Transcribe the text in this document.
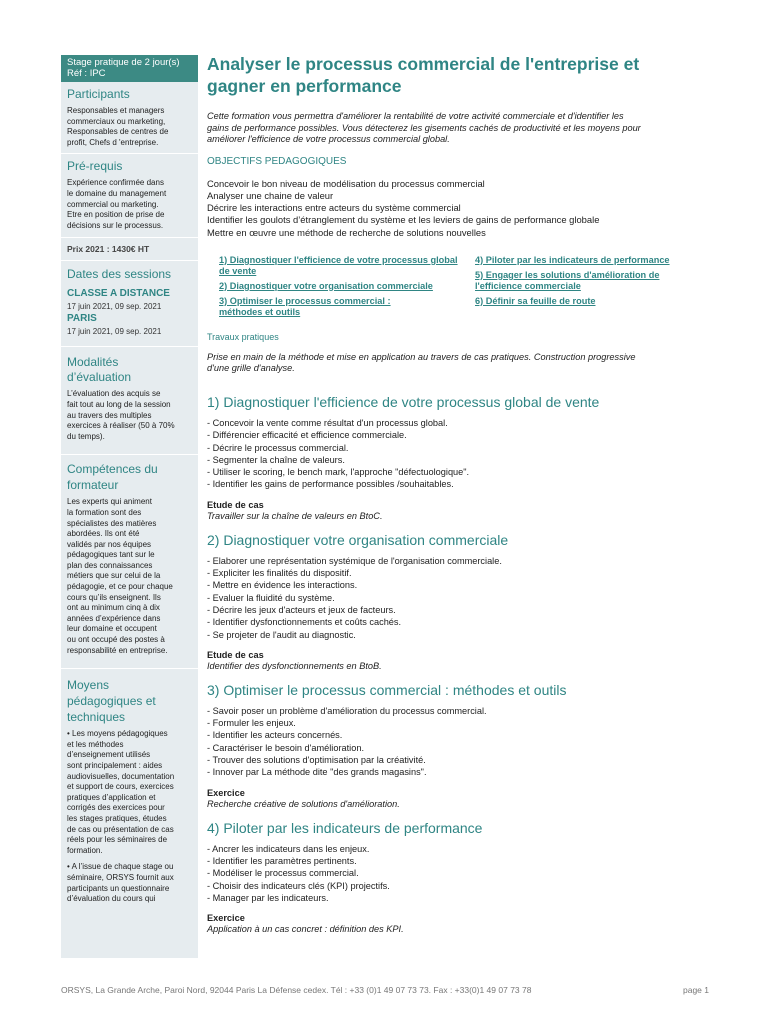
Stage pratique de 2 jour(s)
Réf : IPC
Participants
Responsables et managers
commerciaux ou marketing,
Responsables de centres de
profit, Chefs d 'entreprise.
Pré-requis
Expérience confirmée dans
le domaine du management
commercial ou marketing.
Etre en position de prise de
décisions sur le processus.
Prix 2021 : 1430€ HT
Dates des sessions
CLASSE A DISTANCE
17 juin 2021, 09 sep. 2021
PARIS
17 juin 2021, 09 sep. 2021
Modalités
d’évaluation
L’évaluation des acquis se
fait tout au long de la session
au travers des multiples
exercices à réaliser (50 à 70%
du temps).
Compétences du
formateur
Les experts qui animent
la formation sont des
spécialistes des matières
abordées. Ils ont été
validés par nos équipes
pédagogiques tant sur le
plan des connaissances
métiers que sur celui de la
pédagogie, et ce pour chaque
cours qu’ils enseignent. Ils
ont au minimum cinq à dix
années d’expérience dans
leur domaine et occupent
ou ont occupé des postes à
responsabilité en entreprise.
Moyens
pédagogiques et
techniques
• Les moyens pédagogiques
et les méthodes
d’enseignement utilisés
sont principalement : aides
audiovisuelles, documentation
et support de cours, exercices
pratiques d’application et
corrigés des exercices pour
les stages pratiques, études
de cas ou présentation de cas
réels pour les séminaires de
formation.
• A l’issue de chaque stage ou
séminaire, ORSYS fournit aux
participants un questionnaire
d’évaluation du cours qui
Analyser le processus commercial de l'entreprise et
gagner en performance
Cette formation vous permettra d'améliorer la rentabilité de votre activité commerciale et d'identifier les
gains de performance possibles. Vous détecterez les gisements cachés de productivité et les moyens pour
améliorer l'efficience de votre processus commercial global.
OBJECTIFS PEDAGOGIQUES
Concevoir le bon niveau de modélisation du processus commercial
Analyser une chaine de valeur
Décrire les interactions entre acteurs du système commercial
Identifier les goulots d’étranglement du système et les leviers de gains de performance globale
Mettre en œuvre une méthode de recherche de solutions nouvelles
1) Diagnostiquer l'efficience de votre processus global de vente
2) Diagnostiquer votre organisation commerciale
3) Optimiser le processus commercial : méthodes et outils
4) Piloter par les indicateurs de performance
5) Engager les solutions d'amélioration de l'efficience commerciale
6) Définir sa feuille de route
Travaux pratiques
Prise en main de la méthode et mise en application au travers de cas pratiques. Construction progressive
d'une grille d'analyse.
1) Diagnostiquer l'efficience de votre processus global de vente
- Concevoir la vente comme résultat d'un processus global.
- Différencier efficacité et efficience commerciale.
- Décrire le processus commercial.
- Segmenter la chaîne de valeurs.
- Utiliser le scoring, le bench mark, l'approche "défectuologique".
- Identifier les gains de performance possibles /souhaitables.
Etude de cas
Travailler sur la chaîne de valeurs en BtoC.
2) Diagnostiquer votre organisation commerciale
- Elaborer une représentation systémique de l'organisation commerciale.
- Expliciter les finalités du dispositif.
- Mettre en évidence les interactions.
- Evaluer la fluidité du système.
- Décrire les jeux d'acteurs et jeux de facteurs.
- Identifier dysfonctionnements et coûts cachés.
- Se projeter de l'audit au diagnostic.
Etude de cas
Identifier des dysfonctionnements en BtoB.
3) Optimiser le processus commercial : méthodes et outils
- Savoir poser un problème d'amélioration du processus commercial.
- Formuler les enjeux.
- Identifier les acteurs concernés.
- Caractériser le besoin d'amélioration.
- Trouver des solutions d'optimisation par la créativité.
- Innover par La méthode dite "des grands magasins".
Exercice
Recherche créative de solutions d'amélioration.
4) Piloter par les indicateurs de performance
- Ancrer les indicateurs dans les enjeux.
- Identifier les paramètres pertinents.
- Modéliser le processus commercial.
- Choisir des indicateurs clés (KPI) projectifs.
- Manager par les indicateurs.
Exercice
Application à un cas concret : définition des KPI.
ORSYS, La Grande Arche, Paroi Nord, 92044 Paris La Défense cedex. Tél : +33 (0)1 49 07 73 73. Fax : +33(0)1 49 07 73 78	page 1
